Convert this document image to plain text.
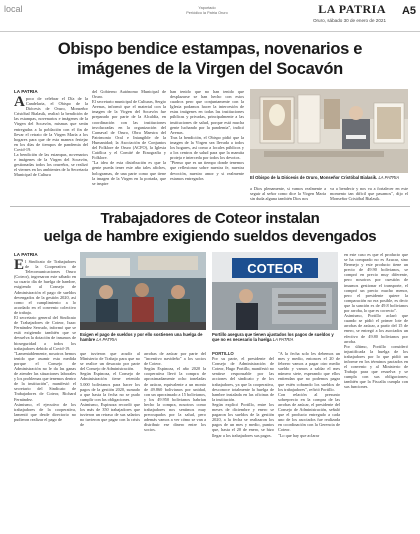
local	Yaportado
Periódico la Patria Oruro	LA PATRIA
Oruro, sábado 30 de enero de 2021
A5
Obispo bendice estampas, novenarios e
imágenes de la Virgen del Socavón
LA PATRIA
Apoco de celebrar el Día de la Candelaria, el Obispo de la Diócesis de Oruro, Monseñor Cristóbal Bialasik, realizó la bendición de las estampas, novenarios e imágenes de la Virgen del Socavón, mismas que serán entregadas a la población con el fin de llevar el retrato de la Virgen María a los hogares para que de esta manera festejar en los días de tiempos de pandemia del Covid-19.
La bendición de las estampas, novenarios e imágenes de la Virgen del Socavón, gestionadas todos los orureños, se realizó el viernes en los ambientes de la Secretaría Municipal de Cultura
del Gobierno Autónomo Municipal de Oruro.
El secretario municipal de Culturas, Sergio Avenas, informó que el material con la imagen de la Virgen del Socavón fue preparado por parte de la Alcaldía, en coordinación con las instituciones involucradas en la organización del Carnaval de Oruro, Obra Maestra del Patrimonio Oral e Intangible de la Humanidad; la Asociación de Conjuntos del Folklore de Oruro (ACFO), la Iglesia Católica y el Comité de Etnografía y Folklore.
"La idea de esta distribución es que la gente pueda tener este año tales afiches, hologramas, de una parte como que tiene la imagen de la Virgen en la portada, que se inspire
han tenido que no han tenido que desplazarse se han hecho con estos cuadros pero que conjuntamente con la Iglesia podamos hacer la intercesión de estas imágenes en todas las instituciones públicas y privadas, principalmente a las instituciones de salud, porque está mucha gente luchando por la pandemia", indicó Avenas.
Tras la bendición, el Obispo pidió que la imagen de la Virgen sea llevada a todos los hogares, así como a locales públicos y a los centros de salud para que la mamita proteja e interceda por todos los devotos.
"Pienso que es un tiempo donde tenemos que reflexionar sobre nuestra fe, nuestra devoción, nuestro amor y si realmente estamos entregados	El Obispo de la Diócesis de Oruro, Monseñor Cristóbal Bialasik. LA PATRIA
a Dios plenamente, si vamos realmente a seguir al señor como dice la Virgen María sin duda alguna también Dios nos
va a bendecir y nos va a fortalecer en este momento tan difícil que pasamos", dijo el Monseñor Cristóbal Bialasik.
Trabajadores de Coteor instalan
uelga de hambre exigiendo sueldos devengados
LA PATRIA
El Sindicato de Trabajadores de la Cooperativa de Telecomunicaciones Oruro (Coteor), ingresaron este sábado en su cuarto día de huelga de hambre, exigiendo al Consejo de Administración el pago de sueldos devengados de la gestión 2020, así como el cumplimiento a lo acordado en el convenio colectivo de trabajo.
El secretario general del Sindicato de Trabajadores de Coteor, Isaac Fernández Serrudo, informó que se está exigiendo también que se devuelva la dotación de insumos de bioseguridad a todos los trabajadores debido al Covid-19.
"Lamentablemente, nosotros hemos tenido que asumir esta medida porque el Consejo de Administración no le da las ganas de atender las situaciones laborales y los problemas que tenemos dentro de la institución", manifestó el secretario del Sindicato de Trabajadores de Coteor, Richard Fernández.
Asimismo, el ejecutivo de los trabajadores de la cooperativa, lamentó que desde directorio no pudieron realizar el pago de
Exigen el pago de sueldos y por ello sostienen una huelga de hambre LA PATRIA
COTEOR
Portillo asegura que tienen ajustados los pagos de sueldos y que no es necesario la huelga LA PATRIA
que tuvieron que acudir al Ministerio de Trabajo para que no se realice un desacato por parte del Consejo de Administración.
Según Espinoza, el Consejo de Administración tiene retenido 5.000 bolivianos para hacer los pagos de la gestión 2020, sumado a que hasta la fecha no se pudo cumplir con las obligaciones.
Asimismo, Espinoza recordó que los más de 350 trabajadores que tuvieron un retraso de sus salarios no tuvieron que pagar con la crisis de
arrobas de azúcar por parte del "incentivo navideño" a los socios de Coteor.
Según Espinoza, el año 2020 la cooperativa llevó la compra de aproximadamente ocho toneladas de azúcar, equivalente a un monto de 49.860 bolivianos por unidad, con un aproximado a 15 bolivianos, y los 49.950 bolivianos habrían hecho la compra, nosotros como trabajadores nos sentimos muy preocupados por la salud, pero además vamos a ver cómo se van a distribuir ese dinero entre los socios.
PORTILLO
Por su parte, el presidente del Consejo de Administración de Coteor, Hugo Portillo, manifestó no sentirse responsable por las acciones del sindicato y de los trabajadores, ya que la cooperativa, desconoce totalmente la huelga de hambre instalada en las oficinas de la institución.
Según explicó Portillo, entre los meses de diciembre y enero se pagaron los sueldos de la gestión 2020, a la fecha se realizaron los pagos de un mes y medio, puntos que, hasta el 20 de enero, se hizo llegar a los trabajadores sus pagos.
"A la fecha solo les debemos un mes y medio, entonces el 20 de febrero vamos a pagar otro medio sueldo y vamos a saldar el mes número siete, esperando que ellos entiendan que no podemos pagar que estén cobrando los sueldos de los trabajadores", refirió Portillo.
Con relación al presunto sobreprecio en la compra de las arrobas de azúcar, el presidente del Consejo de Administración, señaló que el producto entregado a cada uno de los asociados fue realizada en coordinación con la Gerencia de Coteor.
"Lo que hay que aclarar
en este caso es que el producto que se ha comprado no es Azucar, sino Bermejo y este producto tiene un precio de 49.90 bolivianos, se compró en precio muy diferente, pero nosotros por cuestión de insumos gestionar el transporte, el compró un precio mucho menor, pero el presidente quiere la comparación no era posible, es decir que la sanción es de 49.8 bolivianos por arroba, lo que es correcto".
Asimismo, Portillo aclaró que cuando se pidió el primer lote de arrobas de azúcar, a partir del 15 de enero, se entregó a los asociados un efectivo de 49.80 bolivianos por arroba.
Por último, Portillo consideró injustificada la huelga de los trabajadores por lo que pidió un informe en los términos pactados en el convenio y al Ministerio de Trabajo para que resuelva y se cumpla con sus obligaciones; también que la Fiscalía cumpla con sus funciones.
